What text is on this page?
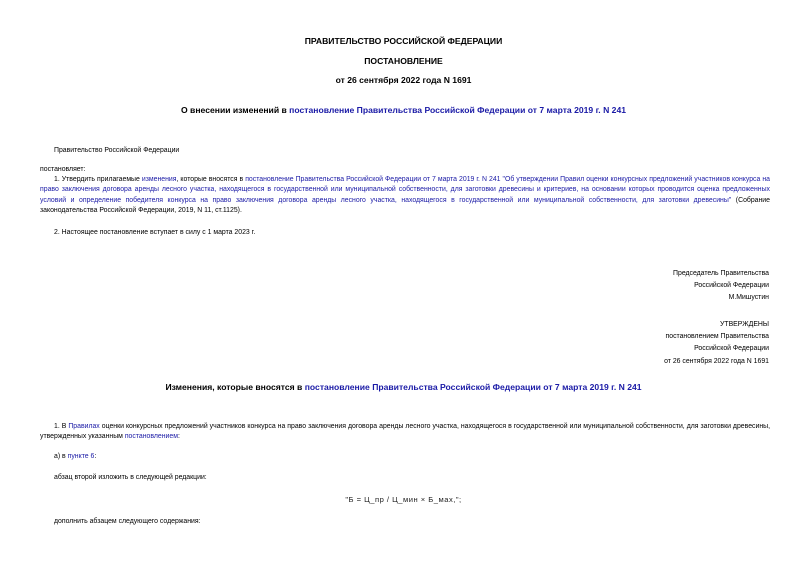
ПРАВИТЕЛЬСТВО РОССИЙСКОЙ ФЕДЕРАЦИИ
ПОСТАНОВЛЕНИЕ
от 26 сентября 2022 года N 1691
О внесении изменений в постановление Правительства Российской Федерации от 7 марта 2019 г. N 241
Правительство Российской Федерации
постановляет:
1. Утвердить прилагаемые изменения, которые вносятся в постановление Правительства Российской Федерации от 7 марта 2019 г. N 241 "Об утверждении Правил оценки конкурсных предложений участников конкурса на право заключения договора аренды лесного участка, находящегося в государственной или муниципальной собственности, для заготовки древесины и критериев, на основании которых проводится оценка предложенных условий и определение победителя конкурса на право заключения договора аренды лесного участка, находящегося в государственной или муниципальной собственности, для заготовки древесины" (Собрание законодательства Российской Федерации, 2019, N 11, ст.1125).
2. Настоящее постановление вступает в силу с 1 марта 2023 г.
Председатель Правительства
Российской Федерации
М.Мишустин
УТВЕРЖДЕНЫ
постановлением Правительства
Российской Федерации
от 26 сентября 2022 года N 1691
Изменения, которые вносятся в постановление Правительства Российской Федерации от 7 марта 2019 г. N 241
1. В Правилах оценки конкурсных предложений участников конкурса на право заключения договора аренды лесного участка, находящегося в государственной или муниципальной собственности, для заготовки древесины, утвержденных указанным постановлением:
а) в пункте 6:
абзац второй изложить в следующей редакции:
"Б = Ц_пр / Ц_мин × Б_мах,";
дополнить абзацем следующего содержания:
